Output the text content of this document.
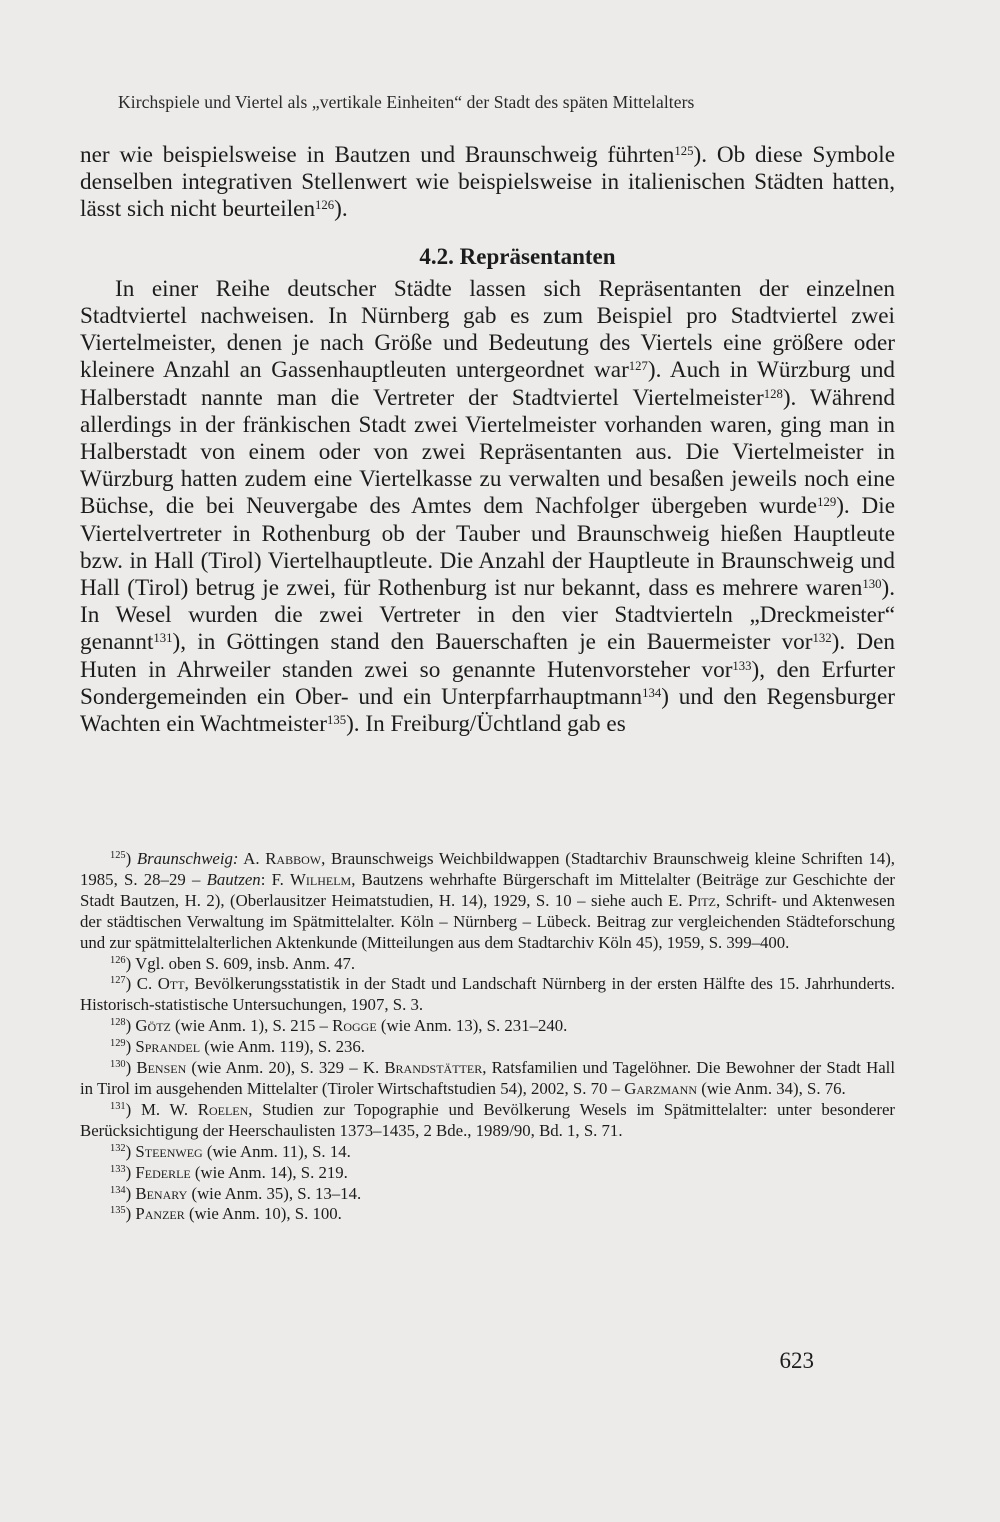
Kirchspiele und Viertel als „vertikale Einheiten“ der Stadt des späten Mittelalters

ner wie beispielsweise in Bautzen und Braunschweig führten$^{125}$). Ob diese Symbole denselben integrativen Stellenwert wie beispielsweise in italienischen Städten hatten, lässt sich nicht beurteilen$^{126}$).

4.2. Repräsentanten

In einer Reihe deutscher Städte lassen sich Repräsentanten der einzelnen Stadtviertel nachweisen. In Nürnberg gab es zum Beispiel pro Stadtviertel zwei Viertelmeister, denen je nach Größe und Bedeutung des Viertels eine größere oder kleinere Anzahl an Gassenhauptleuten untergeordnet war$^{127}$). Auch in Würzburg und Halberstadt nannte man die Vertreter der Stadtviertel Viertelmeister$^{128}$). Während allerdings in der fränkischen Stadt zwei Viertelmeister vorhanden waren, ging man in Halberstadt von einem oder von zwei Repräsentanten aus. Die Viertelmeister in Würzburg hatten zudem eine Viertelkasse zu verwalten und besaßen jeweils noch eine Büchse, die bei Neuvergabe des Amtes dem Nachfolger übergeben wurde$^{129}$). Die Viertelvertreter in Rothenburg ob der Tauber und Braunschweig hießen Hauptleute bzw. in Hall (Tirol) Viertelhauptleute. Die Anzahl der Hauptleute in Braunschweig und Hall (Tirol) betrug je zwei, für Rothenburg ist nur bekannt, dass es mehrere waren$^{130}$). In Wesel wurden die zwei Vertreter in den vier Stadtvierteln „Dreckmeister“ genannt$^{131}$), in Göttingen stand den Bauerschaften je ein Bauermeister vor$^{132}$). Den Huten in Ahrweiler standen zwei so genannte Hutenvorsteher vor$^{133}$), den Erfurter Sondergemeinden ein Ober- und ein Unterpfarrhauptmann$^{134}$) und den Regensburger Wachten ein Wachtmeister$^{135}$). In Freiburg/Üchtland gab es

$^{125}$) Braunschweig: A. Rabbow, Braunschweigs Weichbildwappen (Stadtarchiv Braunschweig kleine Schriften 14), 1985, S. 28–29 – Bautzen: F. Wilhelm, Bautzens wehrhafte Bürgerschaft im Mittelalter (Beiträge zur Geschichte der Stadt Bautzen, H. 2), (Oberlausitzer Heimatstudien, H. 14), 1929, S. 10 – siehe auch E. Pitz, Schrift- und Aktenwesen der städtischen Verwaltung im Spätmittelalter. Köln – Nürnberg – Lübeck. Beitrag zur vergleichenden Städteforschung und zur spätmittelalterlichen Aktenkunde (Mitteilungen aus dem Stadtarchiv Köln 45), 1959, S. 399–400.

$^{126}$) Vgl. oben S. 609, insb. Anm. 47.

$^{127}$) C. Ott, Bevölkerungsstatistik in der Stadt und Landschaft Nürnberg in der ersten Hälfte des 15. Jahrhunderts. Historisch-statistische Untersuchungen, 1907, S. 3.

$^{128}$) Götz (wie Anm. 1), S. 215 – Rogge (wie Anm. 13), S. 231–240.

$^{129}$) Sprandel (wie Anm. 119), S. 236.

$^{130}$) Bensen (wie Anm. 20), S. 329 – K. Brandstätter, Ratsfamilien und Tagelöhner. Die Bewohner der Stadt Hall in Tirol im ausgehenden Mittelalter (Tiroler Wirtschaftstudien 54), 2002, S. 70 – Garzmann (wie Anm. 34), S. 76.

$^{131}$) M. W. Roelen, Studien zur Topographie und Bevölkerung Wesels im Spätmittelalter: unter besonderer Berücksichtigung der Heerschaulisten 1373–1435, 2 Bde., 1989/90, Bd. 1, S. 71.

$^{132}$) Steenweg (wie Anm. 11), S. 14.

$^{133}$) Federle (wie Anm. 14), S. 219.

$^{134}$) Benary (wie Anm. 35), S. 13–14.

$^{135}$) Panzer (wie Anm. 10), S. 100.

623
